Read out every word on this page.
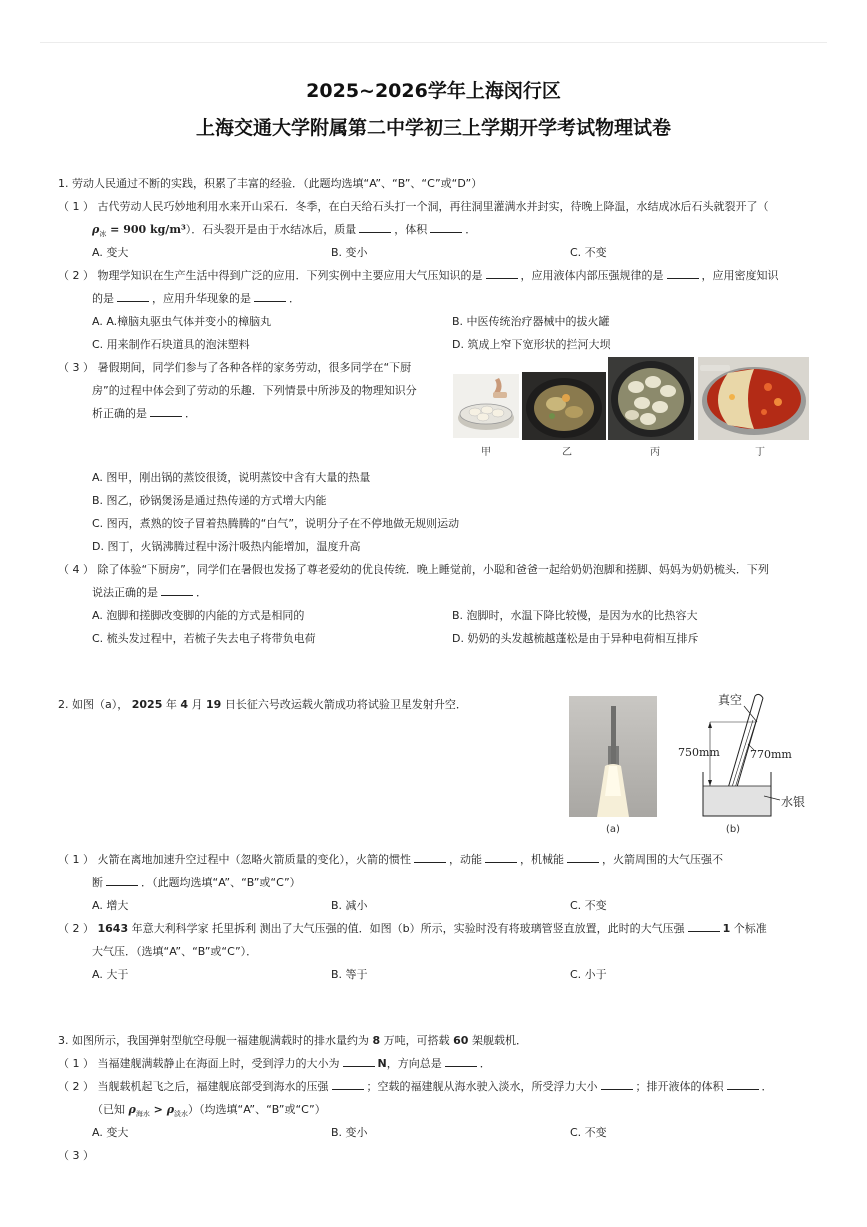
2025~2026学年上海闵行区
上海交通大学附属第二中学初三上学期开学考试物理试卷
1. 劳动人民通过不断的实践，积累了丰富的经验．（此题均选填“A”、“B”、“C”或“D”）
（ 1 ） 古代劳动人民巧妙地利用水来开山采石．冬季，在白天给石头打一个洞，再往洞里灌满水并封实，待晚上降温，水结成冰后石头就裂开了（
$\rho_冰 = 900$ kg/m³）．石头裂开是由于水结冰后，质量	，体积	．
A. 变大	B. 变小	C. 不变
（ 2 ） 物理学知识在生产生活中得到广泛的应用．下列实例中主要应用大气压知识的是	，应用液体内部压强规律的是	，应用密度知识
的是	，应用升华现象的是	．
A. A.樟脑丸驱虫气体并变小的樟脑丸	B. 中医传统治疗器械中的拔火罐
C. 用来制作石块道具的泡沫塑料	D. 筑成上窄下宽形状的拦河大坝
（ 3 ） 暑假期间，同学们参与了各种各样的家务劳动，很多同学在“下厨
房”的过程中体会到了劳动的乐趣．下列情景中所涉及的物理知识分
析正确的是	．
甲	乙	丙	丁
A. 图甲，刚出锅的蒸饺很烫，说明蒸饺中含有大量的热量
B. 图乙，砂锅煲汤是通过热传递的方式增大内能
C. 图丙，煮熟的饺子冒着热腾腾的“白气”，说明分子在不停地做无规则运动
D. 图丁，火锅沸腾过程中汤汁吸热内能增加，温度升高
（ 4 ） 除了体验“下厨房”，同学们在暑假也发扬了尊老爱幼的优良传统．晚上睡觉前，小聪和爸爸一起给奶奶泡脚和搓脚、妈妈为奶奶梳头．下列
说法正确的是	．
A. 泡脚和搓脚改变脚的内能的方式是相同的	B. 泡脚时，水温下降比较慢，是因为水的比热容大
C. 梳头发过程中，若梳子失去电子将带负电荷	D. 奶奶的头发越梳越蓬松是由于异种电荷相互排斥
2. 如图（a）， 2025 年 4 月 19 日长征六号改运载火箭成功将试验卫星发射升空．
(a)
真空
750mm	770mm
水银
(b)
（ 1 ） 火箭在离地加速升空过程中（忽略火箭质量的变化），火箭的惯性	，动能	，机械能	，火箭周围的大气压强不
断	．（此题均选填“A”、“B”或“C”）
A. 增大	B. 减小	C. 不变
（ 2 ） 1643 年意大利科学家 托里拆利 测出了大气压强的值．如图（b）所示，实验时没有将玻璃管竖直放置，此时的大气压强	1 个标准
大气压．（选填“A”、“B”或“C”）．
A. 大于	B. 等于	C. 小于
3. 如图所示，我国弹射型航空母舰一福建舰满载时的排水量约为 8 万吨，可搭载 60 架舰载机．
（ 1 ） 当福建舰满载静止在海面上时，受到浮力的大小为	N，方向总是	．
（ 2 ） 当舰载机起飞之后，福建舰底部受到海水的压强	；空载的福建舰从海水驶入淡水，所受浮力大小	；排开液体的体积	．
（已知 $\rho_{海水} > \rho_{淡水}$）（均选填“A”、“B”或“C”）
A. 变大	B. 变小	C. 不变
（ 3 ）
